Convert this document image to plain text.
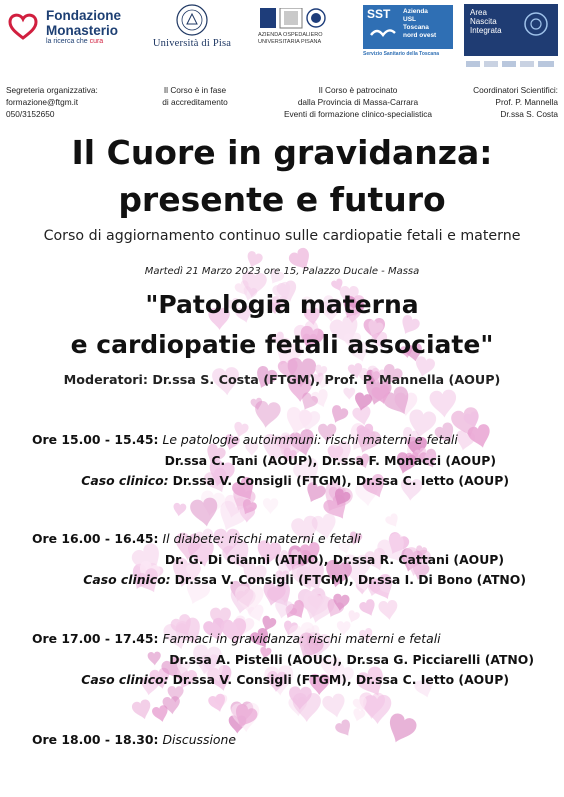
Fondazione
Monasterio
la ricerca che cura	Università di Pisa
AZIENDA OSPEDALIERO
UNIVERSITARIA PISANA
SST Azienda
USL
Toscana
nord ovest
Servizio Sanitario della Toscana
Area
Nascita
Integrata
Segreteria organizzativa:
formazione@ftgm.it
050/3152650
Il Corso è in fase
di accreditamento
Il Corso è patrocinato
dalla Provincia di Massa-Carrara
Eventi di formazione clinico-specialistica
Coordinatori Scientifici:
Prof. P. Mannella
Dr.ssa S. Costa
Il Cuore in gravidanza:
presente e futuro
Corso di aggiornamento continuo sulle cardiopatie fetali e materne
Martedì 21 Marzo 2023 ore 15, Palazzo Ducale - Massa
"Patologia materna
e cardiopatie fetali associate"
Moderatori: Dr.ssa S. Costa (FTGM), Prof. P. Mannella (AOUP)
Ore 15.00 - 15.45: Le patologie autoimmuni: rischi materni e fetali
Dr.ssa C. Tani (AOUP), Dr.ssa F. Monacci (AOUP)
Caso clinico: Dr.ssa V. Consigli (FTGM), Dr.ssa C. Ietto (AOUP)
Ore 16.00 - 16.45: Il diabete: rischi materni e fetali
Dr. G. Di Cianni (ATNO), Dr.ssa R. Cattani (AOUP)
Caso clinico: Dr.ssa V. Consigli (FTGM), Dr.ssa I. Di Bono (ATNO)
Ore 17.00 - 17.45: Farmaci in gravidanza: rischi materni e fetali
Dr.ssa A. Pistelli (AOUC), Dr.ssa G. Picciarelli (ATNO)
Caso clinico: Dr.ssa V. Consigli (FTGM), Dr.ssa C. Ietto (AOUP)
Ore 18.00 - 18.30: Discussione
